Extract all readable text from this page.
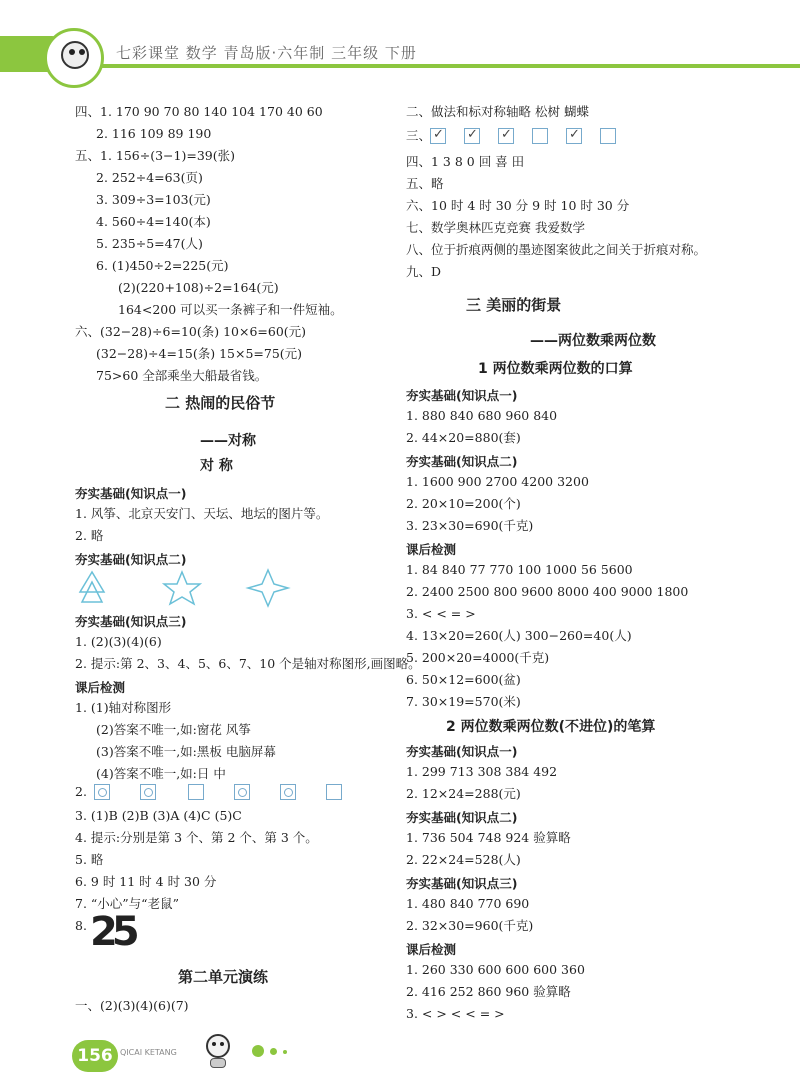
七彩课堂 数学 青岛版·六年制 三年级 下册
四、1. 170 90 70 80 140 104 170 40 60
2. 116 109 89 190
五、1. 156÷(3−1)=39(张)
2. 252÷4=63(页)
3. 309÷3=103(元)
4. 560÷4=140(本)
5. 235÷5=47(人)
6. (1)450÷2=225(元)
(2)(220+108)÷2=164(元)
164<200 可以买一条裤子和一件短袖。
六、(32−28)÷6=10(条) 10×6=60(元)
(32−28)÷4=15(条) 15×5=75(元)
75>60 全部乘坐大船最省钱。
二 热闹的民俗节
——对称
对 称
夯实基础(知识点一)
1. 风筝、北京天安门、天坛、地坛的图片等。
2. 略
夯实基础(知识点二)
夯实基础(知识点三)
1. (2)(3)(4)(6)
2. 提示:第 2、3、4、5、6、7、10 个是轴对称图形,画图略。
课后检测
1. (1)轴对称图形
(2)答案不唯一,如:窗花 风筝
(3)答案不唯一,如:黑板 电脑屏幕
(4)答案不唯一,如:日 中
2.
3. (1)B (2)B (3)A (4)C (5)C
4. 提示:分别是第 3 个、第 2 个、第 3 个。
5. 略
6. 9 时 11 时 4 时 30 分
7. “小心”与“老鼠”
8. 25
第二单元演练
一、(2)(3)(4)(6)(7)
二、做法和标对称轴略 松树 蝴蝶
三、
✓
✓
✓
✓
四、1 3 8 0 回 喜 田
五、略
六、10 时 4 时 30 分 9 时 10 时 30 分
七、数学奥林匹克竞赛 我爱数学
八、位于折痕两侧的墨迹图案彼此之间关于折痕对称。
九、D
三 美丽的街景
——两位数乘两位数
1 两位数乘两位数的口算
夯实基础(知识点一)
1. 880 840 680 960 840
2. 44×20=880(套)
夯实基础(知识点二)
1. 1600 900 2700 4200 3200
2. 20×10=200(个)
3. 23×30=690(千克)
课后检测
1. 84 840 77 770 100 1000 56 5600
2. 2400 2500 800 9600 8000 400 9000 1800
3. < < = >
4. 13×20=260(人) 300−260=40(人)
5. 200×20=4000(千克)
6. 50×12=600(盆)
7. 30×19=570(米)
2 两位数乘两位数(不进位)的笔算
夯实基础(知识点一)
1. 299 713 308 384 492
2. 12×24=288(元)
夯实基础(知识点二)
1. 736 504 748 924 验算略
2. 22×24=528(人)
夯实基础(知识点三)
1. 480 840 770 690
2. 32×30=960(千克)
课后检测
1. 260 330 600 600 600 360
2. 416 252 860 960 验算略
3. < > < < = >
156 QICAI KETANG
